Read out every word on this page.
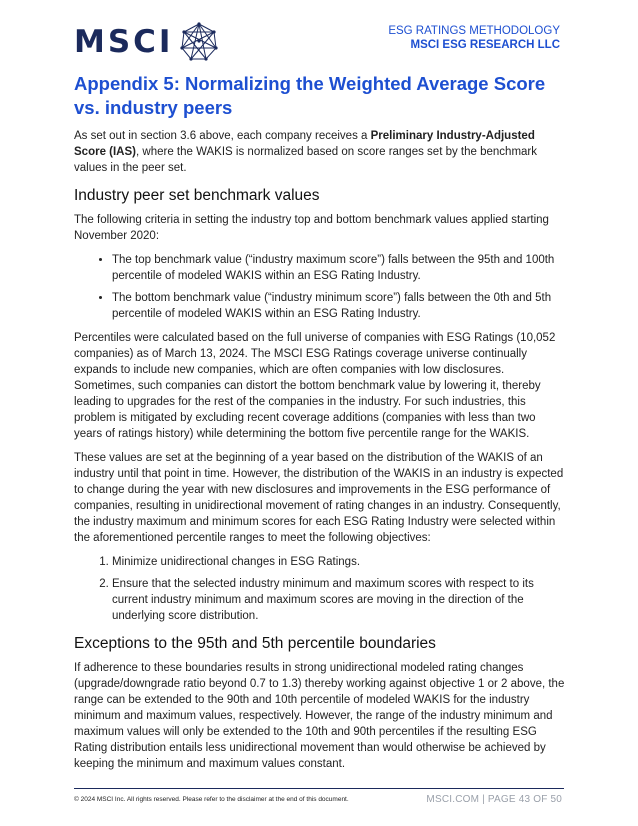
MSCI	ESG RATINGS METHODOLOGY
MSCI ESG RESEARCH LLC
Appendix 5: Normalizing the Weighted Average Score vs. industry peers

As set out in section 3.6 above, each company receives a Preliminary Industry-Adjusted Score (IAS), where the WAKIS is normalized based on score ranges set by the benchmark values in the peer set.

Industry peer set benchmark values

The following criteria in setting the industry top and bottom benchmark values applied starting November 2020:

• The top benchmark value (“industry maximum score”) falls between the 95th and 100th percentile of modeled WAKIS within an ESG Rating Industry.
• The bottom benchmark value (“industry minimum score”) falls between the 0th and 5th percentile of modeled WAKIS within an ESG Rating Industry.

Percentiles were calculated based on the full universe of companies with ESG Ratings (10,052 companies) as of March 13, 2024. The MSCI ESG Ratings coverage universe continually expands to include new companies, which are often companies with low disclosures. Sometimes, such companies can distort the bottom benchmark value by lowering it, thereby leading to upgrades for the rest of the companies in the industry. For such industries, this problem is mitigated by excluding recent coverage additions (companies with less than two years of ratings history) while determining the bottom five percentile range for the WAKIS.

These values are set at the beginning of a year based on the distribution of the WAKIS of an industry until that point in time. However, the distribution of the WAKIS in an industry is expected to change during the year with new disclosures and improvements in the ESG performance of companies, resulting in unidirectional movement of rating changes in an industry. Consequently, the industry maximum and minimum scores for each ESG Rating Industry were selected within the aforementioned percentile ranges to meet the following objectives:

1. Minimize unidirectional changes in ESG Ratings.
2. Ensure that the selected industry minimum and maximum scores with respect to its current industry minimum and maximum scores are moving in the direction of the underlying score distribution.
Exceptions to the 95th and 5th percentile boundaries

If adherence to these boundaries results in strong unidirectional modeled rating changes (upgrade/downgrade ratio beyond 0.7 to 1.3) thereby working against objective 1 or 2 above, the range can be extended to the 90th and 10th percentile of modeled WAKIS for the industry minimum and maximum values, respectively. However, the range of the industry minimum and maximum values will only be extended to the 10th and 90th percentiles if the resulting ESG Rating distribution entails less unidirectional movement than would otherwise be achieved by keeping the minimum and maximum values constant.

© 2024 MSCI Inc. All rights reserved. Please refer to the disclaimer at the end of this document.	MSCI.COM | PAGE 43 OF 50
